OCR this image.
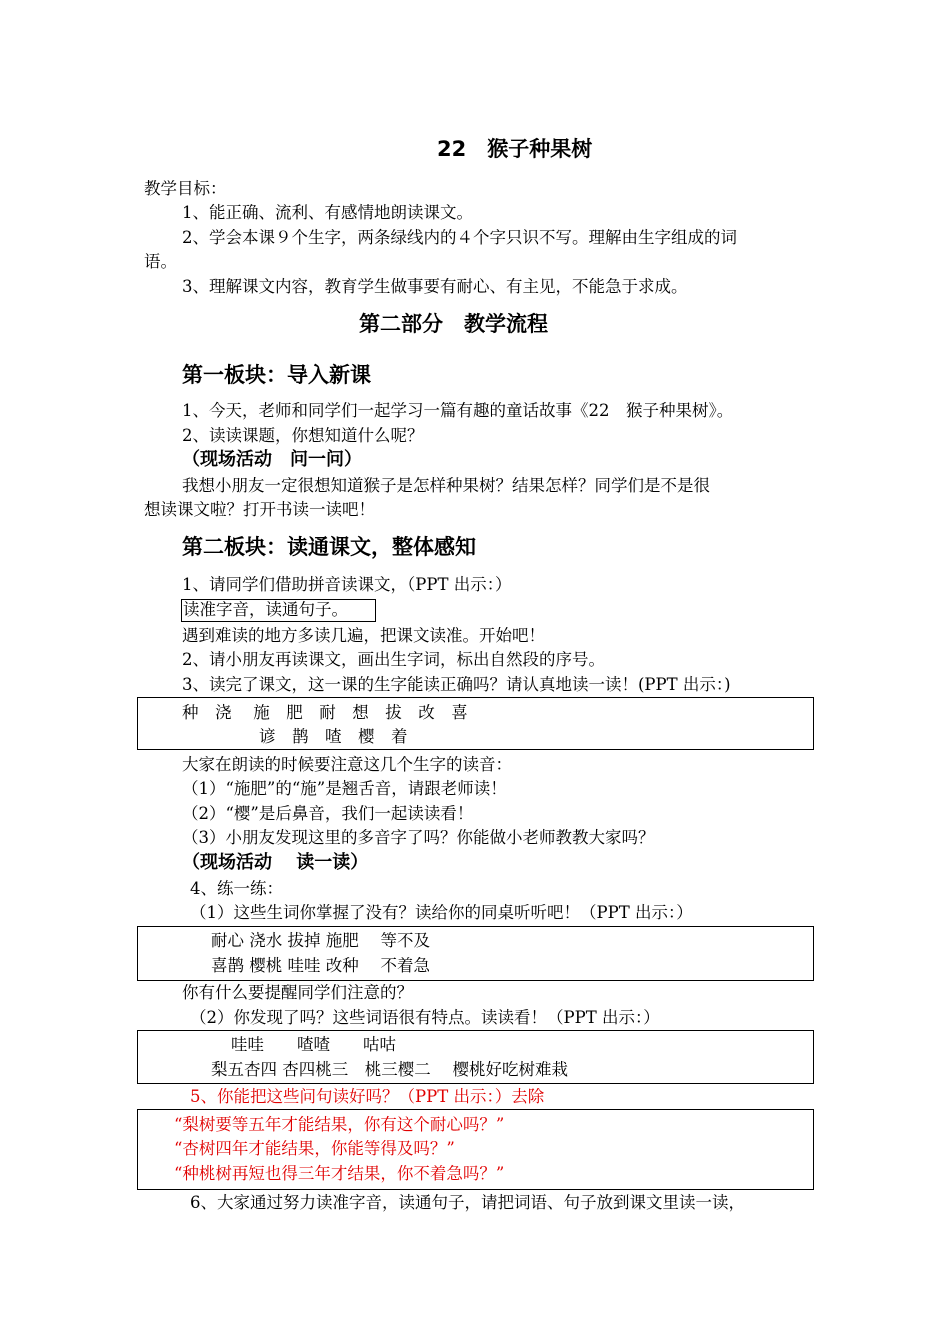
22　猴子种果树
教学目标：
1、能正确、流利、有感情地朗读课文。
2、学会本课９个生字，两条绿线内的４个字只识不写。理解由生字组成的词
语。
3、理解课文内容，教育学生做事要有耐心、有主见，不能急于求成。
第二部分　教学流程
第一板块：导入新课
1、今天，老师和同学们一起学习一篇有趣的童话故事《22　猴子种果树》。
2、读读课题，你想知道什么呢？
（现场活动　问一问）
我想小朋友一定很想知道猴子是怎样种果树？结果怎样？同学们是不是很
想读课文啦？打开书读一读吧！
第二板块：读通课文，整体感知
1、请同学们借助拼音读课文，（PPT 出示：）
读准字音，读通句子。
遇到难读的地方多读几遍，把课文读准。开始吧！
2、请小朋友再读课文，画出生字词，标出自然段的序号。
3、读完了课文，这一课的生字能读正确吗？请认真地读一读！(PPT 出示：)
种　浇　 施　肥　耐　想　拔　改　喜
谚　鹊　喳　樱　着
大家在朗读的时候要注意这几个生字的读音：
（1）“施肥”的“施”是翘舌音，请跟老师读！
（2）“樱”是后鼻音，我们一起读读看！
（3）小朋友发现这里的多音字了吗？你能做小老师教教大家吗？
（现场活动　 读一读）
4、练一练：
（1）这些生词你掌握了没有？读给你的同桌听听吧！（PPT 出示：）
耐心 浇水 拔掉 施肥　 等不及
喜鹊 樱桃 哇哇 改种　 不着急
你有什么要提醒同学们注意的？
（2）你发现了吗？这些词语很有特点。读读看！（PPT 出示：）
哇哇　　喳喳　　咕咕
梨五杏四 杏四桃三　桃三樱二　 樱桃好吃树难栽
5、你能把这些问句读好吗？（PPT 出示：）去除
“梨树要等五年才能结果，你有这个耐心吗？”
“杏树四年才能结果，你能等得及吗？”
“种桃树再短也得三年才结果，你不着急吗？”
6、大家通过努力读准字音，读通句子，请把词语、句子放到课文里读一读，
